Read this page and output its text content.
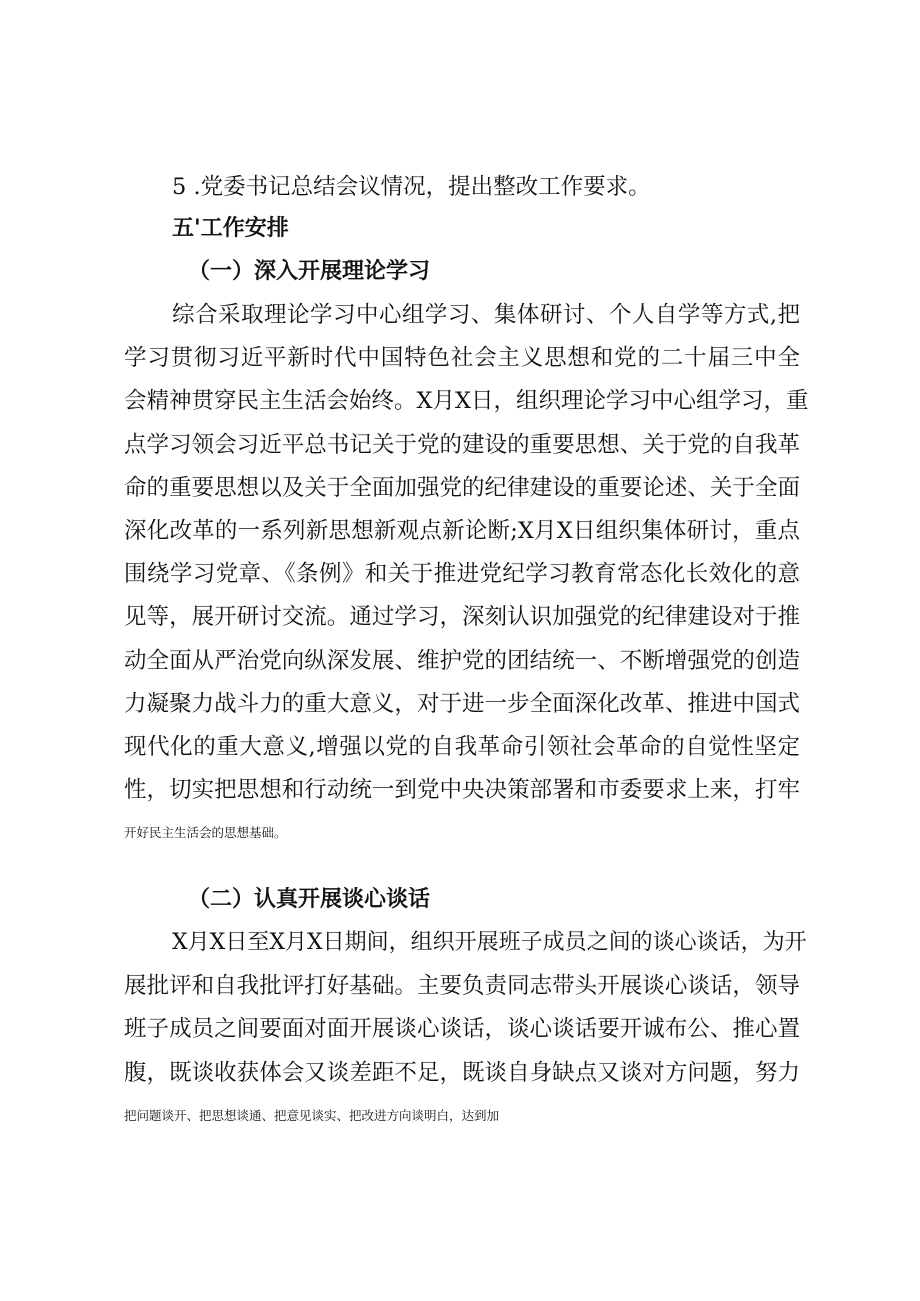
5 .党委书记总结会议情况，提出整改工作要求。
五'工作安排
（一）深入开展理论学习
综合采取理论学习中心组学习、集体研讨、个人自学等方式,把
学习贯彻习近平新时代中国特色社会主义思想和党的二十届三中全
会精神贯穿民主生活会始终。X月X日，组织理论学习中心组学习，重
点学习领会习近平总书记关于党的建设的重要思想、关于党的自我革
命的重要思想以及关于全面加强党的纪律建设的重要论述、关于全面
深化改革的一系列新思想新观点新论断;X月X日组织集体研讨，重点
围绕学习党章、《条例》和关于推进党纪学习教育常态化长效化的意
见等，展开研讨交流。通过学习，深刻认识加强党的纪律建设对于推
动全面从严治党向纵深发展、维护党的团结统一、不断增强党的创造
力凝聚力战斗力的重大意义，对于进一步全面深化改革、推进中国式
现代化的重大意义,增强以党的自我革命引领社会革命的自觉性坚定
性，切实把思想和行动统一到党中央决策部署和市委要求上来，打牢
开好民主生活会的思想基础。
（二）认真开展谈心谈话
X月X日至X月X日期间，组织开展班子成员之间的谈心谈话，为开
展批评和自我批评打好基础。主要负责同志带头开展谈心谈话，领导
班子成员之间要面对面开展谈心谈话，谈心谈话要开诚布公、推心置
腹，既谈收获体会又谈差距不足，既谈自身缺点又谈对方问题，努力
把问题谈开、把思想谈通、把意见谈实、把改进方向谈明白，达到加
